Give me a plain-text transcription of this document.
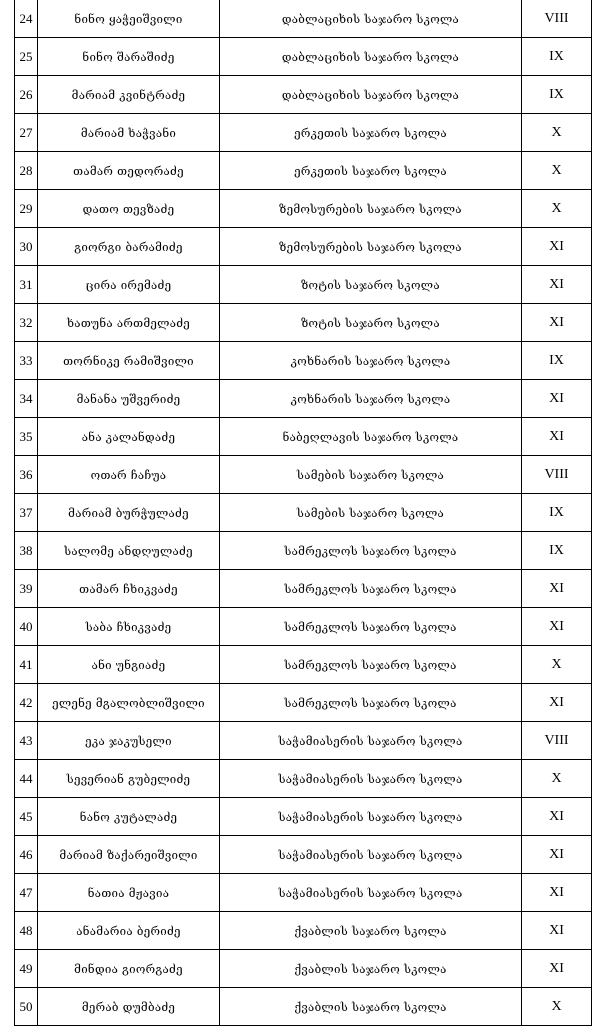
24	ნინო ყაჭეიშვილი	დაბლაციხის საჯარო სკოლა	VIII
25	ნინო შარაშიძე	დაბლაციხის საჯარო სკოლა	IX
26	მარიამ კვინტრაძე	დაბლაციხის საჯარო სკოლა	IX
27	მარიამ ხაჭვანი	ერკეთის საჯარო სკოლა	X
28	თამარ თედორაძე	ერკეთის საჯარო სკოლა	X
29	დათო თევზაძე	ზემოსურების საჯარო სკოლა	X
30	გიორგი ბარამიძე	ზემოსურების საჯარო სკოლა	XI
31	ცირა ირემაძე	ზოტის საჯარო სკოლა	XI
32	ხათუნა ართმელაძე	ზოტის საჯარო სკოლა	XI
33	თორნიკე რამიშვილი	კოხნარის საჯარო სკოლა	IX
34	მანანა უშვერიძე	კოხნარის საჯარო სკოლა	XI
35	ანა კალანდაძე	ნაბეღლავის საჯარო სკოლა	XI
36	ოთარ ჩაჩუა	სამების საჯარო სკოლა	VIII
37	მარიამ ბურჭულაძე	სამების საჯარო სკოლა	IX
38	სალომე ანდღულაძე	სამრეკლოს საჯარო სკოლა	IX
39	თამარ ჩხიკვაძე	სამრეკლოს საჯარო სკოლა	XI
40	საბა ჩხიკვაძე	სამრეკლოს საჯარო სკოლა	XI
41	ანი უნგიაძე	სამრეკლოს საჯარო სკოლა	X
42	ელენე მგალობლიშვილი	სამრეკლოს საჯარო სკოლა	XI
43	ეკა ჯაკუსელი	საჭამიასერის საჯარო სკოლა	VIII
44	სევერიან გუბელიძე	საჭამიასერის საჯარო სკოლა	X
45	ნანო კუტალაძე	საჭამიასერის საჯარო სკოლა	XI
46	მარიამ ზაქარეიშვილი	საჭამიასერის საჯარო სკოლა	XI
47	ნათია მჟავია	საჭამიასერის საჯარო სკოლა	XI
48	ანამარია ბერიძე	ქვაბლის საჯარო სკოლა	XI
49	მინდია გიორგაძე	ქვაბლის საჯარო სკოლა	XI
50	მერაბ დუმბაძე	ქვაბლის საჯარო სკოლა	X
